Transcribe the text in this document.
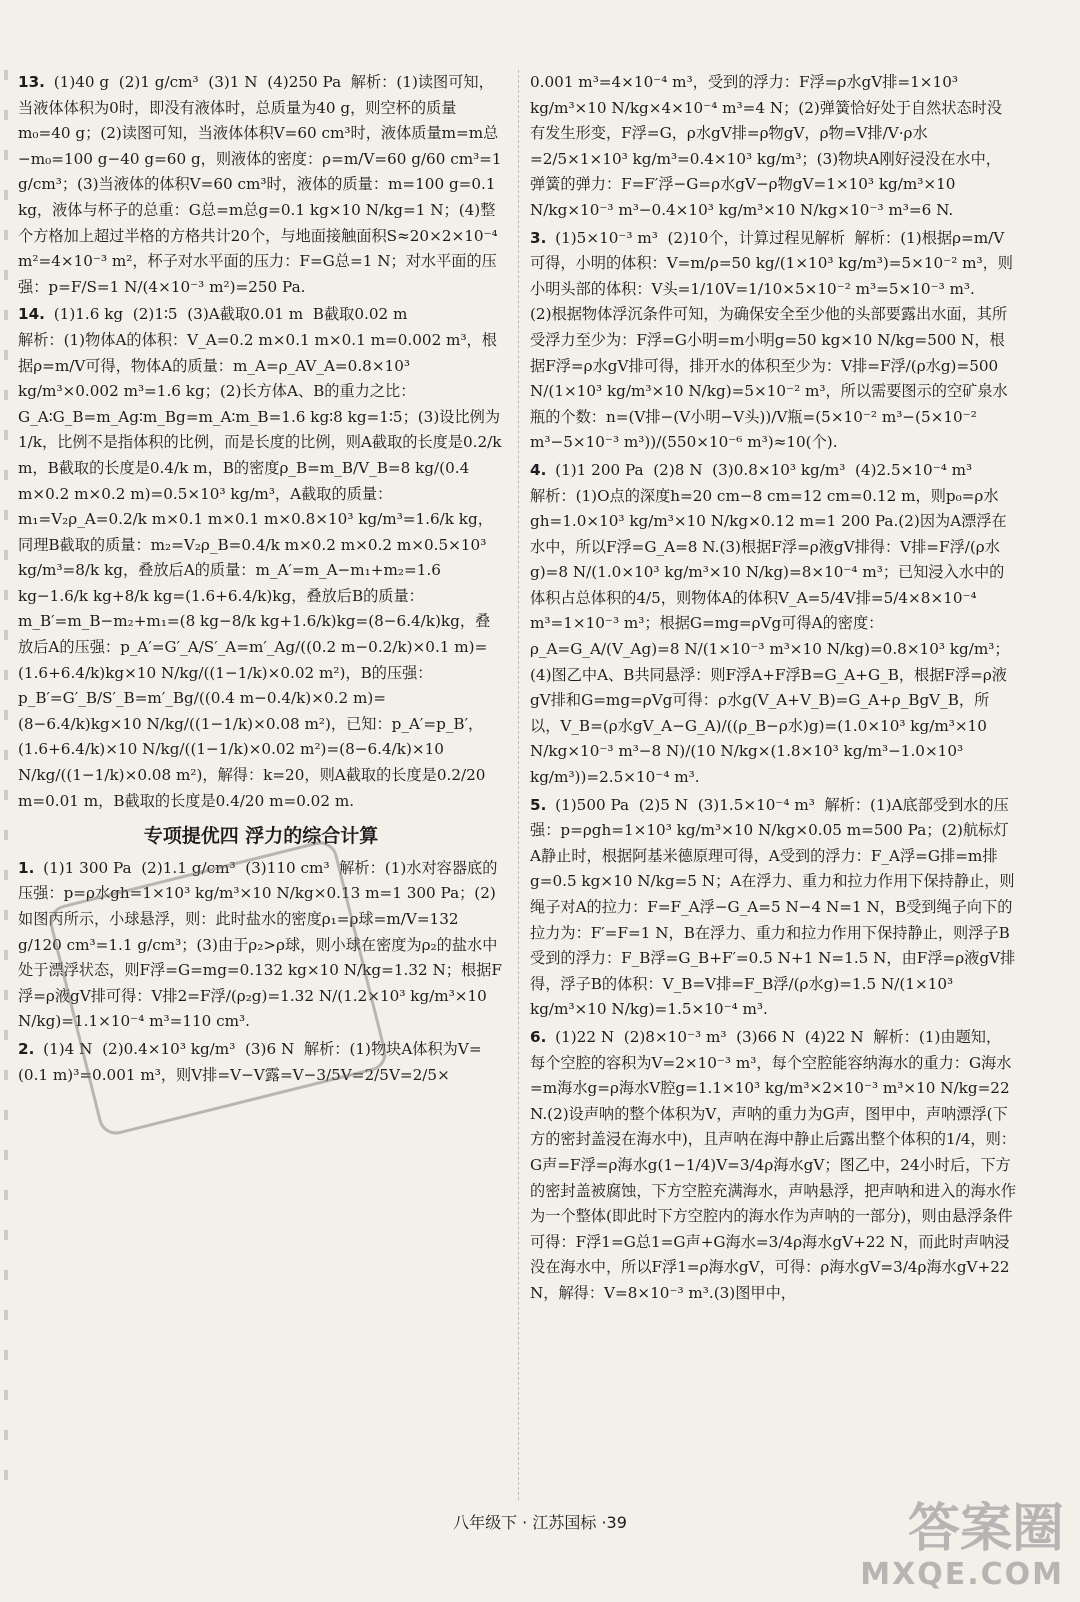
13. (1)40 g  (2)1 g/cm³  (3)1 N  (4)250 Pa  解析：(1)读图可知，当液体体积为0时，即没有液体时，总质量为40 g，则空杯的质量m₀=40 g；(2)读图可知，当液体体积V=60 cm³时，液体质量m=m总−m₀=100 g−40 g=60 g，则液体的密度：ρ=m/V=60 g/60 cm³=1 g/cm³；(3)当液体的体积V=60 cm³时，液体的质量：m=100 g=0.1 kg，液体与杯子的总重：G总=m总g=0.1 kg×10 N/kg=1 N；(4)整个方格加上超过半格的方格共计20个，与地面接触面积S≈20×2×10⁻⁴ m²=4×10⁻³ m²，杯子对水平面的压力：F=G总=1 N；对水平面的压强：p=F/S=1 N/(4×10⁻³ m²)=250 Pa.
14. (1)1.6 kg  (2)1∶5  (3)A截取0.01 m  B截取0.02 m
解析：(1)物体A的体积：V_A=0.2 m×0.1 m×0.1 m=0.002 m³，根据ρ=m/V可得，物体A的质量：m_A=ρ_AV_A=0.8×10³ kg/m³×0.002 m³=1.6 kg；(2)长方体A、B的重力之比：G_A∶G_B=m_Ag∶m_Bg=m_A∶m_B=1.6 kg∶8 kg=1∶5；(3)设比例为1/k，比例不是指体积的比例，而是长度的比例，则A截取的长度是0.2/k m，B截取的长度是0.4/k m，B的密度ρ_B=m_B/V_B=8 kg/(0.4 m×0.2 m×0.2 m)=0.5×10³ kg/m³，A截取的质量：m₁=V₂ρ_A=0.2/k m×0.1 m×0.1 m×0.8×10³ kg/m³=1.6/k kg，同理B截取的质量：m₂=V₂ρ_B=0.4/k m×0.2 m×0.2 m×0.5×10³ kg/m³=8/k kg，叠放后A的质量：m_A′=m_A−m₁+m₂=1.6 kg−1.6/k kg+8/k kg=(1.6+6.4/k)kg，叠放后B的质量：m_B′=m_B−m₂+m₁=(8 kg−8/k kg+1.6/k)kg=(8−6.4/k)kg，叠放后A的压强：p_A′=G′_A/S′_A=m′_Ag/((0.2 m−0.2/k)×0.1 m)=(1.6+6.4/k)kg×10 N/kg/((1−1/k)×0.02 m²)，B的压强：p_B′=G′_B/S′_B=m′_Bg/((0.4 m−0.4/k)×0.2 m)=(8−6.4/k)kg×10 N/kg/((1−1/k)×0.08 m²)，已知：p_A′=p_B′，(1.6+6.4/k)×10 N/kg/((1−1/k)×0.02 m²)=(8−6.4/k)×10 N/kg/((1−1/k)×0.08 m²)，解得：k=20，则A截取的长度是0.2/20 m=0.01 m，B截取的长度是0.4/20 m=0.02 m.
专项提优四 浮力的综合计算
1. (1)1 300 Pa  (2)1.1 g/cm³  (3)110 cm³  解析：(1)水对容器底的压强：p=ρ水gh=1×10³ kg/m³×10 N/kg×0.13 m=1 300 Pa；(2)如图丙所示，小球悬浮，则：此时盐水的密度ρ₁=ρ球=m/V=132 g/120 cm³=1.1 g/cm³；(3)由于ρ₂>ρ球，则小球在密度为ρ₂的盐水中处于漂浮状态，则F浮=G=mg=0.132 kg×10 N/kg=1.32 N；根据F浮=ρ液gV排可得：V排2=F浮/(ρ₂g)=1.32 N/(1.2×10³ kg/m³×10 N/kg)=1.1×10⁻⁴ m³=110 cm³.
2. (1)4 N  (2)0.4×10³ kg/m³  (3)6 N  解析：(1)物块A体积为V=(0.1 m)³=0.001 m³，则V排=V−V露=V−3/5V=2/5V=2/5×
0.001 m³=4×10⁻⁴ m³，受到的浮力：F浮=ρ水gV排=1×10³ kg/m³×10 N/kg×4×10⁻⁴ m³=4 N；(2)弹簧恰好处于自然状态时没有发生形变，F浮=G，ρ水gV排=ρ物gV，ρ物=V排/V·ρ水=2/5×1×10³ kg/m³=0.4×10³ kg/m³；(3)物块A刚好浸没在水中，弹簧的弹力：F=F′浮−G=ρ水gV−ρ物gV=1×10³ kg/m³×10 N/kg×10⁻³ m³−0.4×10³ kg/m³×10 N/kg×10⁻³ m³=6 N.
3. (1)5×10⁻³ m³  (2)10个，计算过程见解析  解析：(1)根据ρ=m/V可得，小明的体积：V=m/ρ=50 kg/(1×10³ kg/m³)=5×10⁻² m³，则小明头部的体积：V头=1/10V=1/10×5×10⁻² m³=5×10⁻³ m³.
(2)根据物体浮沉条件可知，为确保安全至少他的头部要露出水面，其所受浮力至少为：F浮=G小明=m小明g=50 kg×10 N/kg=500 N，根据F浮=ρ水gV排可得，排开水的体积至少为：V排=F浮/(ρ水g)=500 N/(1×10³ kg/m³×10 N/kg)=5×10⁻² m³，所以需要图示的空矿泉水瓶的个数：n=(V排−(V小明−V头))/V瓶=(5×10⁻² m³−(5×10⁻² m³−5×10⁻³ m³))/(550×10⁻⁶ m³)≈10(个).
4. (1)1 200 Pa  (2)8 N  (3)0.8×10³ kg/m³  (4)2.5×10⁻⁴ m³
解析：(1)O点的深度h=20 cm−8 cm=12 cm=0.12 m，则p₀=ρ水gh=1.0×10³ kg/m³×10 N/kg×0.12 m=1 200 Pa.(2)因为A漂浮在水中，所以F浮=G_A=8 N.(3)根据F浮=ρ液gV排得：V排=F浮/(ρ水g)=8 N/(1.0×10³ kg/m³×10 N/kg)=8×10⁻⁴ m³；已知浸入水中的体积占总体积的4/5，则物体A的体积V_A=5/4V排=5/4×8×10⁻⁴ m³=1×10⁻³ m³；根据G=mg=ρVg可得A的密度：ρ_A=G_A/(V_Ag)=8 N/(1×10⁻³ m³×10 N/kg)=0.8×10³ kg/m³；(4)图乙中A、B共同悬浮：则F浮A+F浮B=G_A+G_B，根据F浮=ρ液gV排和G=mg=ρVg可得：ρ水g(V_A+V_B)=G_A+ρ_BgV_B，所以，V_B=(ρ水gV_A−G_A)/((ρ_B−ρ水)g)=(1.0×10³ kg/m³×10 N/kg×10⁻³ m³−8 N)/(10 N/kg×(1.8×10³ kg/m³−1.0×10³ kg/m³))=2.5×10⁻⁴ m³.
5. (1)500 Pa  (2)5 N  (3)1.5×10⁻⁴ m³  解析：(1)A底部受到水的压强：p=ρgh=1×10³ kg/m³×10 N/kg×0.05 m=500 Pa；(2)航标灯A静止时，根据阿基米德原理可得，A受到的浮力：F_A浮=G排=m排g=0.5 kg×10 N/kg=5 N；A在浮力、重力和拉力作用下保持静止，则绳子对A的拉力：F=F_A浮−G_A=5 N−4 N=1 N，B受到绳子向下的拉力为：F′=F=1 N，B在浮力、重力和拉力作用下保持静止，则浮子B受到的浮力：F_B浮=G_B+F′=0.5 N+1 N=1.5 N，由F浮=ρ液gV排得，浮子B的体积：V_B=V排=F_B浮/(ρ水g)=1.5 N/(1×10³ kg/m³×10 N/kg)=1.5×10⁻⁴ m³.
6. (1)22 N  (2)8×10⁻³ m³  (3)66 N  (4)22 N  解析：(1)由题知，每个空腔的容积为V=2×10⁻³ m³，每个空腔能容纳海水的重力：G海水=m海水g=ρ海水V腔g=1.1×10³ kg/m³×2×10⁻³ m³×10 N/kg=22 N.(2)设声呐的整个体积为V，声呐的重力为G声，图甲中，声呐漂浮(下方的密封盖浸在海水中)，且声呐在海中静止后露出整个体积的1/4，则：G声=F浮=ρ海水g(1−1/4)V=3/4ρ海水gV；图乙中，24小时后，下方的密封盖被腐蚀，下方空腔充满海水，声呐悬浮，把声呐和进入的海水作为一个整体(即此时下方空腔内的海水作为声呐的一部分)，则由悬浮条件可得：F浮1=G总1=G声+G海水=3/4ρ海水gV+22 N，而此时声呐浸没在海水中，所以F浮1=ρ海水gV，可得：ρ海水gV=3/4ρ海水gV+22 N，解得：V=8×10⁻³ m³.(3)图甲中，
八年级下 · 江苏国标 ·39	答案圈
MXQE.COM
